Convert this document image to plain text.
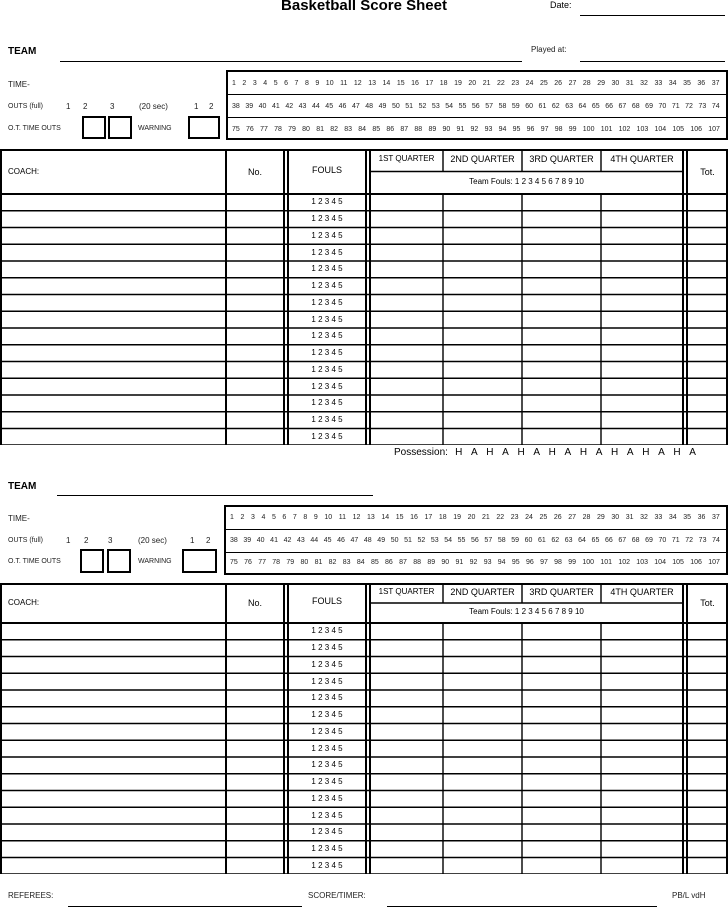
Basketball Score Sheet	Date:
TEAM	Played at:
TIME-
OUTS (full)	1 2	3	(20 sec)	1 2
O.T. TIME OUTS	WARNING
1 2 3 4 5 6 7 8 9 10 11 12 13 14 15 16 17 18 19 20 21 22 23 24 25 26 27 28 29 30 31 32 33 34 35 36 37
38 39 40 41 42 43 44 45 46 47 48 49 50 51 52 53 54 55 56 57 58 59 60 61 62 63 64 65 66 67 68 69 70 71 72 73 74
75 76 77 78 79 80 81 82 83 84 85 86 87 88 89 90 91 92 93 94 95 96 97 98 99 100 101 102 103 104 105 106 107
COACH:	No.	FOULS
1ST QUARTER	2ND QUARTER	3RD QUARTER	4TH QUARTER
Team Fouls: 1 2 3 4 5 6 7 8 9 10
Tot.
1 2 3 4 5
1 2 3 4 5
1 2 3 4 5
1 2 3 4 5
1 2 3 4 5
1 2 3 4 5
1 2 3 4 5
1 2 3 4 5
1 2 3 4 5
1 2 3 4 5
1 2 3 4 5
1 2 3 4 5
1 2 3 4 5
1 2 3 4 5
1 2 3 4 5
Possession: H A H A H A H A H A H A H A H A
TEAM
TIME-
OUTS (full)	1 2 3	(20 sec)	1 2
O.T. TIME OUTS	WARNING
1 2 3 4 5 6 7 8 9 10 11 12 13 14 15 16 17 18 19 20 21 22 23 24 25 26 27 28 29 30 31 32 33 34 35 36 37
38 39 40 41 42 43 44 45 46 47 48 49 50 51 52 53 54 55 56 57 58 59 60 61 62 63 64 65 66 67 68 69 70 71 72 73 74
75 76 77 78 79 80 81 82 83 84 85 86 87 88 89 90 91 92 93 94 95 96 97 98 99 100 101 102 103 104 105 106 107
COACH:	No.	FOULS
1ST QUARTER	2ND QUARTER	3RD QUARTER	4TH QUARTER
Team Fouls: 1 2 3 4 5 6 7 8 9 10
Tot.
1 2 3 4 5
1 2 3 4 5
1 2 3 4 5
1 2 3 4 5
1 2 3 4 5
1 2 3 4 5
1 2 3 4 5
1 2 3 4 5
1 2 3 4 5
1 2 3 4 5
1 2 3 4 5
1 2 3 4 5
1 2 3 4 5
1 2 3 4 5
1 2 3 4 5
REFEREES:	SCORE/TIMER:	PB/L vdH
